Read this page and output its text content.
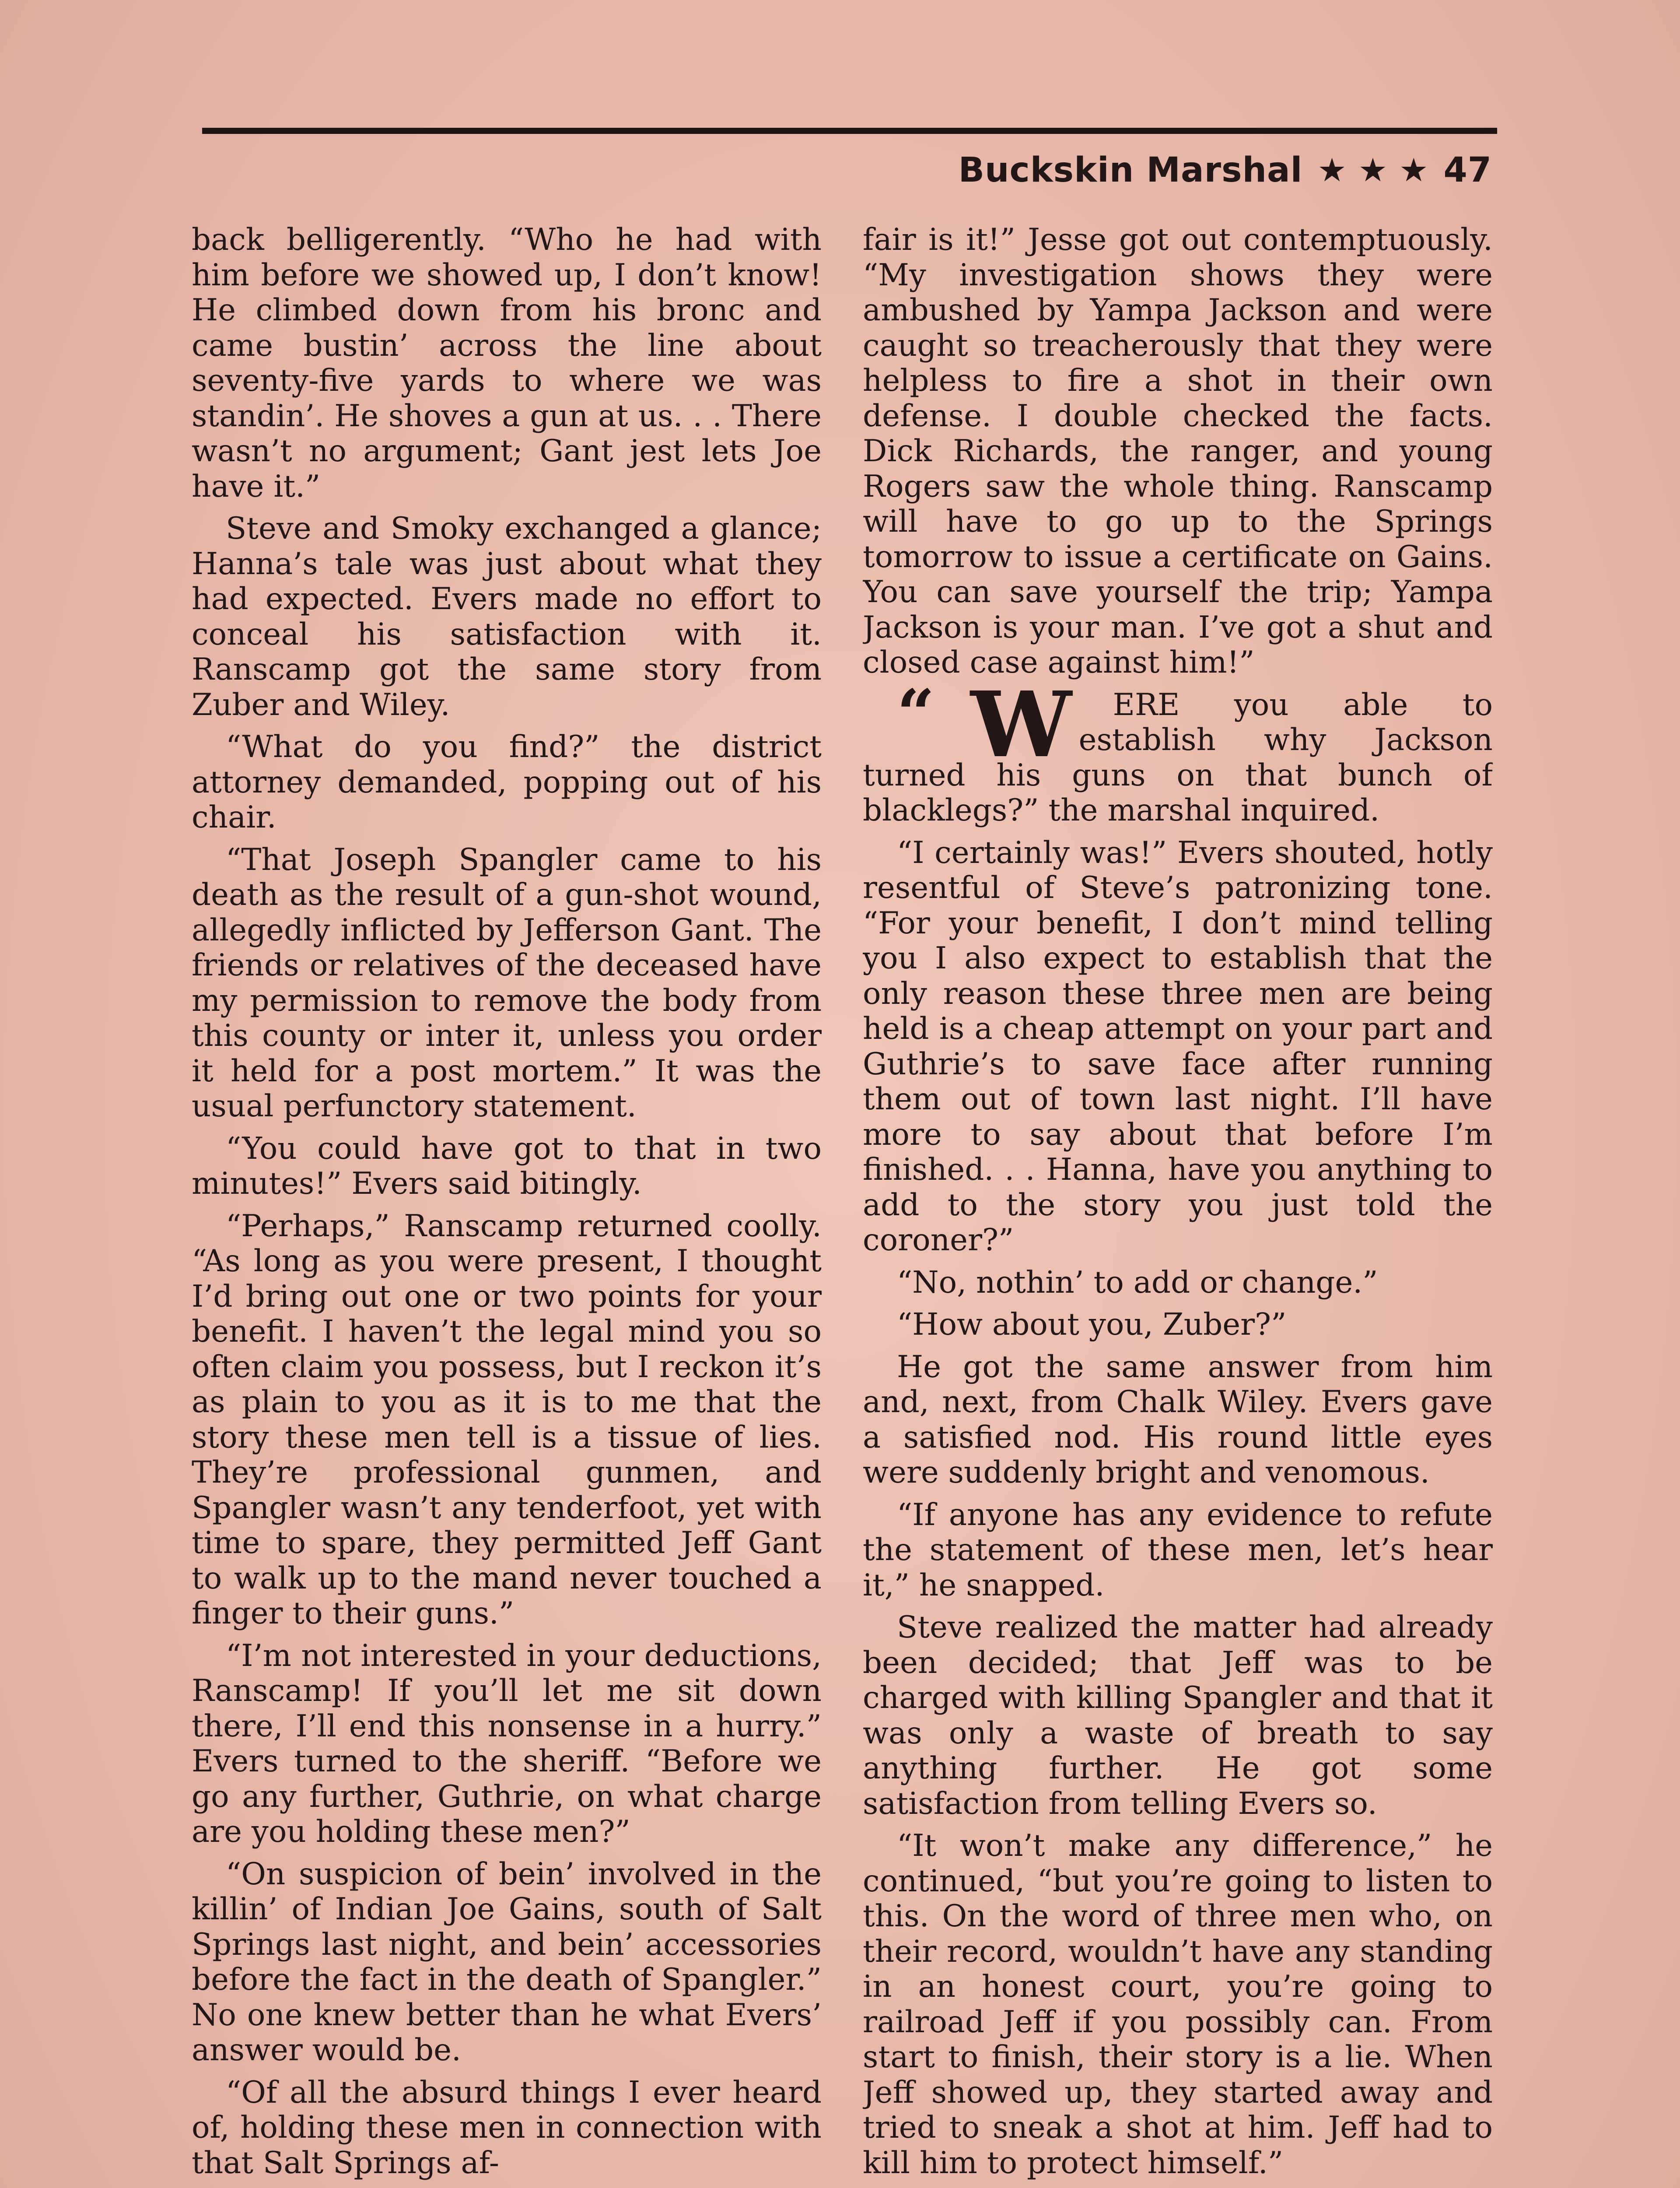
Buckskin Marshal ★ ★ ★ 47

back belligerently. “Who he had with him before we showed up, I don’t know! He climbed down from his bronc and came bustin’ across the line about seventy-five yards to where we was standin’. He shoves a gun at us. . . There wasn’t no argument; Gant jest lets Joe have it.”

Steve and Smoky exchanged a glance; Hanna’s tale was just about what they had expected. Evers made no effort to conceal his satisfaction with it. Ranscamp got the same story from Zuber and Wiley.

“What do you find?” the district attorney demanded, popping out of his chair.

“That Joseph Spangler came to his death as the result of a gun-shot wound, allegedly inflicted by Jefferson Gant. The friends or relatives of the deceased have my permission to remove the body from this county or inter it, unless you order it held for a post mortem.” It was the usual perfunctory statement.

“You could have got to that in two minutes!” Evers said bitingly.

“Perhaps,” Ranscamp returned coolly. “As long as you were present, I thought I’d bring out one or two points for your benefit. I haven’t the legal mind you so often claim you possess, but I reckon it’s as plain to you as it is to me that the story these men tell is a tissue of lies. They’re professional gunmen, and Spangler wasn’t any tenderfoot, yet with time to spare, they permitted Jeff Gant to walk up to the mand never touched a finger to their guns.”

“I’m not interested in your deductions, Ranscamp! If you’ll let me sit down there, I’ll end this nonsense in a hurry.” Evers turned to the sheriff. “Before we go any further, Guthrie, on what charge are you holding these men?”

“On suspicion of bein’ involved in the killin’ of Indian Joe Gains, south of Salt Springs last night, and bein’ accessories before the fact in the death of Spangler.” No one knew better than he what Evers’ answer would be.

“Of all the absurd things I ever heard of, holding these men in connection with that Salt Springs af-

fair is it!” Jesse got out contemptuously. “My investigation shows they were ambushed by Yampa Jackson and were caught so treacherously that they were helpless to fire a shot in their own defense. I double checked the facts. Dick Richards, the ranger, and young Rogers saw the whole thing. Ranscamp will have to go up to the Springs tomorrow to issue a certificate on Gains. You can save yourself the trip; Yampa Jackson is your man. I’ve got a shut and closed case against him!”

“ W ERE you able to establish why Jackson turned his guns on that bunch of blacklegs?” the marshal inquired.

“I certainly was!” Evers shouted, hotly resentful of Steve’s patronizing tone. “For your benefit, I don’t mind telling you I also expect to establish that the only reason these three men are being held is a cheap attempt on your part and Guthrie’s to save face after running them out of town last night. I’ll have more to say about that before I’m finished. . . Hanna, have you anything to add to the story you just told the coroner?”

“No, nothin’ to add or change.”

“How about you, Zuber?”

He got the same answer from him and, next, from Chalk Wiley. Evers gave a satisfied nod. His round little eyes were suddenly bright and venomous.

“If anyone has any evidence to refute the statement of these men, let’s hear it,” he snapped.

Steve realized the matter had already been decided; that Jeff was to be charged with killing Spangler and that it was only a waste of breath to say anything further. He got some satisfaction from telling Evers so.

“It won’t make any difference,” he continued, “but you’re going to listen to this. On the word of three men who, on their record, wouldn’t have any standing in an honest court, you’re going to railroad Jeff if you possibly can. From start to finish, their story is a lie. When Jeff showed up, they started away and tried to sneak a shot at him. Jeff had to kill him to protect himself.”
